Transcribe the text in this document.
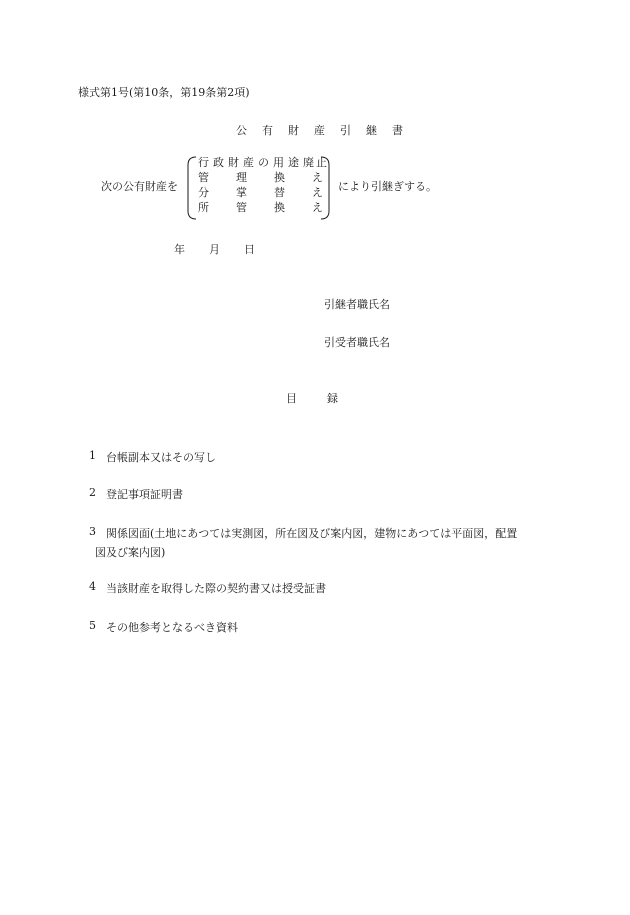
様式第1号(第10条，第19条第2項)
公有財産引継書
次の公有財産を
行 政 財 産 の 用 途 廃 止
管 理 換 え
分 掌 替 え
所 管 換 え
により引継ぎする。
年 月 日
引継者職氏名
引受者職氏名
目録
1 台帳副本又はその写し
2 登記事項証明書
3 関係図面(土地にあつては実測図，所在図及び案内図，建物にあつては平面図，配置
図及び案内図)
4 当該財産を取得した際の契約書又は授受証書
5 その他参考となるべき資料
